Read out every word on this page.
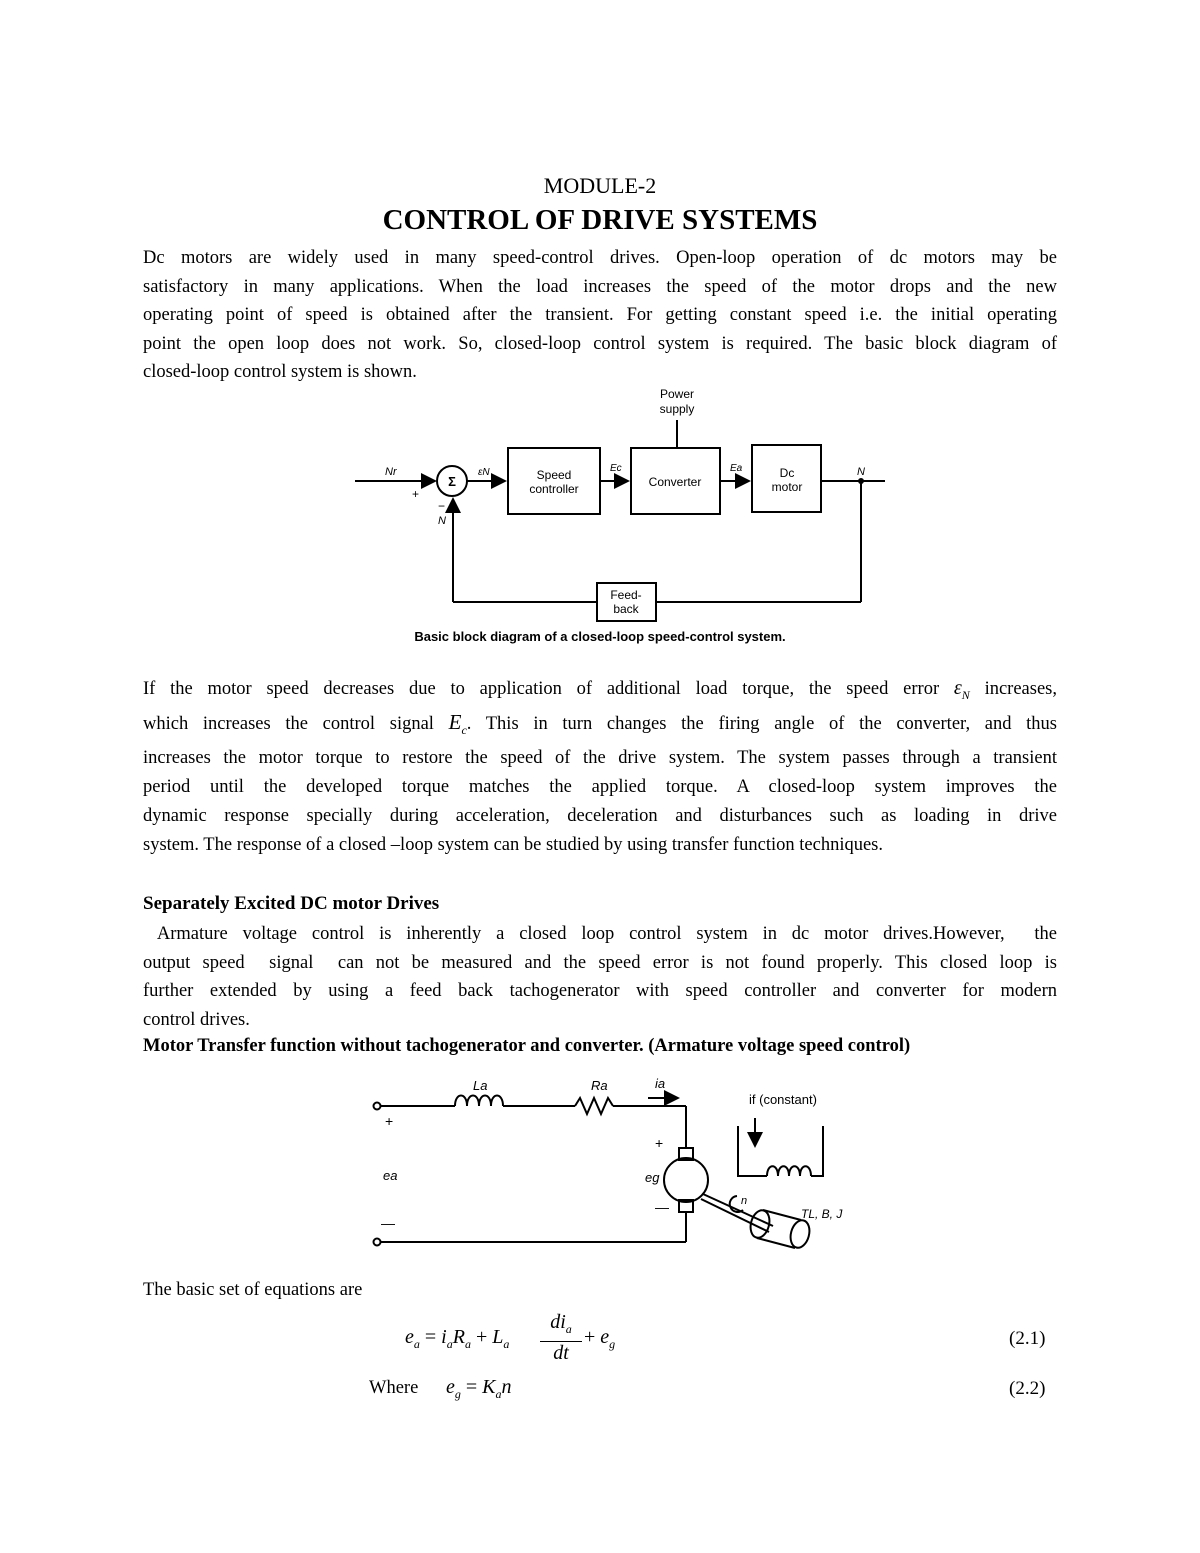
MODULE-2
CONTROL OF DRIVE SYSTEMS
Dc motors are widely used in many speed-control drives. Open-loop operation of dc motors may be
satisfactory in many applications. When the load increases the speed of the motor drops and the new
operating point of speed is obtained after the transient. For getting constant speed i.e. the initial operating
point the open loop does not work. So, closed-loop control system is required. The basic block diagram of
closed-loop control system is shown.
Power
supply
Speed
controller	Converter
Dc
motor
Feed-
back
Σ
Nr	εN	Ec	Ea	N
N
+
−
Basic block diagram of a closed-loop speed-control system.
If the motor speed decreases due to application of additional load torque, the speed error $\varepsilon_N$ increases,
which increases the control signal $E_c$. This in turn changes the firing angle of the converter, and thus
increases the motor torque to restore the speed of the drive system. The system passes through a transient
period until the developed torque matches the applied torque. A closed-loop system improves the
dynamic response specially during acceleration, deceleration and disturbances such as loading in drive
system. The response of a closed –loop system can be studied by using transfer function techniques.
Separately Excited DC motor Drives
Armature voltage control is inherently a closed loop control system in dc motor drives.However,  the
output speed  signal  can not be measured and the speed error is not found properly. This closed loop is
further extended by using a feed back tachogenerator with speed controller and converter for modern
control drives.
Motor Transfer function without tachogenerator and converter. (Armature voltage speed control)
La	Ra	ia
if (constant)
ea	eg
n
TL, B, J
+
+
—
—
The basic set of equations are
$e_a = i_aR_a + L_a$
$di_a$
dt
+ $e_g$	(2.1)
Where $e_g = K_an$	(2.2)
